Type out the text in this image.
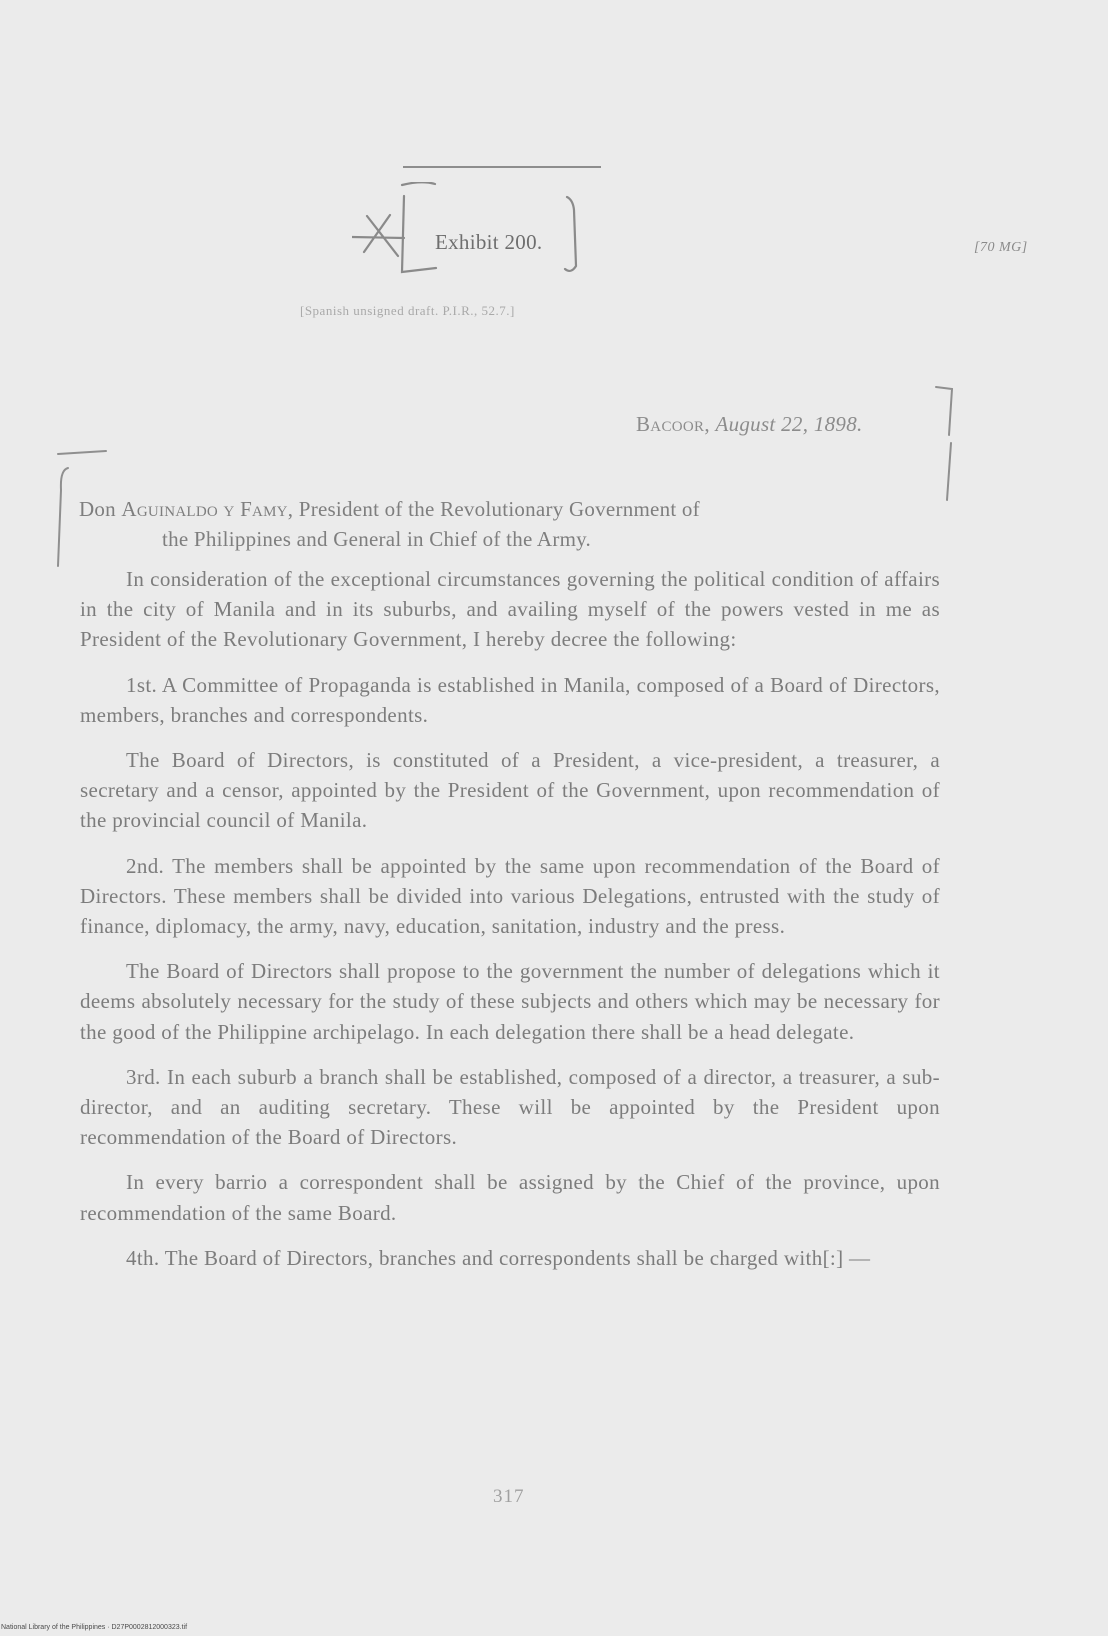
Exhibit 200.	[70 MG]
[Spanish unsigned draft. P.I.R., 52.7.]
Bacoor, August 22, 1898.
Don Aguinaldo y Famy, President of the Revolutionary Government of
the Philippines and General in Chief of the Army.

In consideration of the exceptional circumstances governing the political condition of affairs in the city of Manila and in its suburbs, and availing myself of the powers vested in me as President of the Revolutionary Government, I hereby decree the following:

1st. A Committee of Propaganda is established in Manila, composed of a Board of Directors, members, branches and correspondents.

The Board of Directors, is constituted of a President, a vice-president, a treasurer, a secretary and a censor, appointed by the President of the Government, upon recommendation of the provincial council of Manila.

2nd. The members shall be appointed by the same upon recommendation of the Board of Directors. These members shall be divided into various Delegations, entrusted with the study of finance, diplomacy, the army, navy, education, sanitation, industry and the press.

The Board of Directors shall propose to the government the number of delegations which it deems absolutely necessary for the study of these subjects and others which may be necessary for the good of the Philippine archipelago. In each delegation there shall be a head delegate.

3rd. In each suburb a branch shall be established, composed of a director, a treasurer, a sub-director, and an auditing secretary. These will be appointed by the President upon recommendation of the Board of Directors.

In every barrio a correspondent shall be assigned by the Chief of the province, upon recommendation of the same Board.

4th. The Board of Directors, branches and correspondents shall be charged with[:] —

317
National Library of the Philippines · D27P0002812000323.tif
